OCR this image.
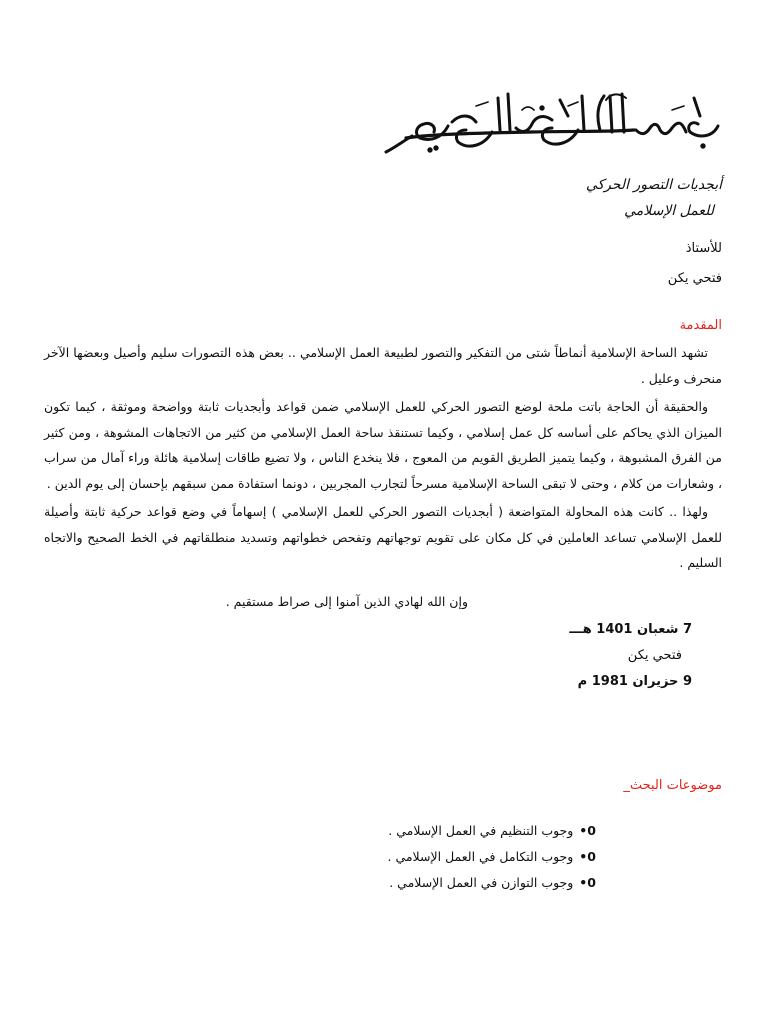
أبجديات التصور الحركي
للعمل الإسلامي
للأستاذ
فتحي يكن
المقدمة

تشهد الساحة الإسلامية أنماطاً شتى من التفكير والتصور لطبيعة العمل الإسلامي .. بعض هذه التصورات سليم وأصيل وبعضها الآخر منحرف وعليل .

والحقيقة أن الحاجة باتت ملحة لوضع التصور الحركي للعمل الإسلامي ضمن قواعد وأبجديات ثابتة وواضحة وموثقة ، كيما تكون الميزان الذي يحاكم على أساسه كل عمل إسلامي ، وكيما تستنقذ ساحة العمل الإسلامي من كثير من الاتجاهات المشوهة ، ومن كثير من الفرق المشبوهة ، وكيما يتميز الطريق القويم من المعوج ، فلا ينخدع الناس ، ولا تضيع طاقات إسلامية هائلة وراء آمال من سراب ، وشعارات من كلام ، وحتى لا تبقى الساحة الإسلامية مسرحاً لتجارب المجربين ، دونما استفادة ممن سبقهم بإحسان إلى يوم الدين .

ولهذا .. كانت هذه المحاولة المتواضعة ( أبجديات التصور الحركي للعمل الإسلامي ) إسهاماً في وضع قواعد حركية ثابتة وأصيلة للعمل الإسلامي تساعد العاملين في كل مكان على تقويم توجهاتهم وتفحص خطواتهم وتسديد منطلقاتهم في الخط الصحيح والاتجاه السليم .

وإن الله لهادي الذين آمنوا إلى صراط مستقيم .
7 شعبان 1401 هـــ
فتحي يكن
9 حزيران 1981 م
موضوعات البحث_
0• وجوب التنظيم في العمل الإسلامي .
0• وجوب التكامل في العمل الإسلامي .
0• وجوب التوازن في العمل الإسلامي .
